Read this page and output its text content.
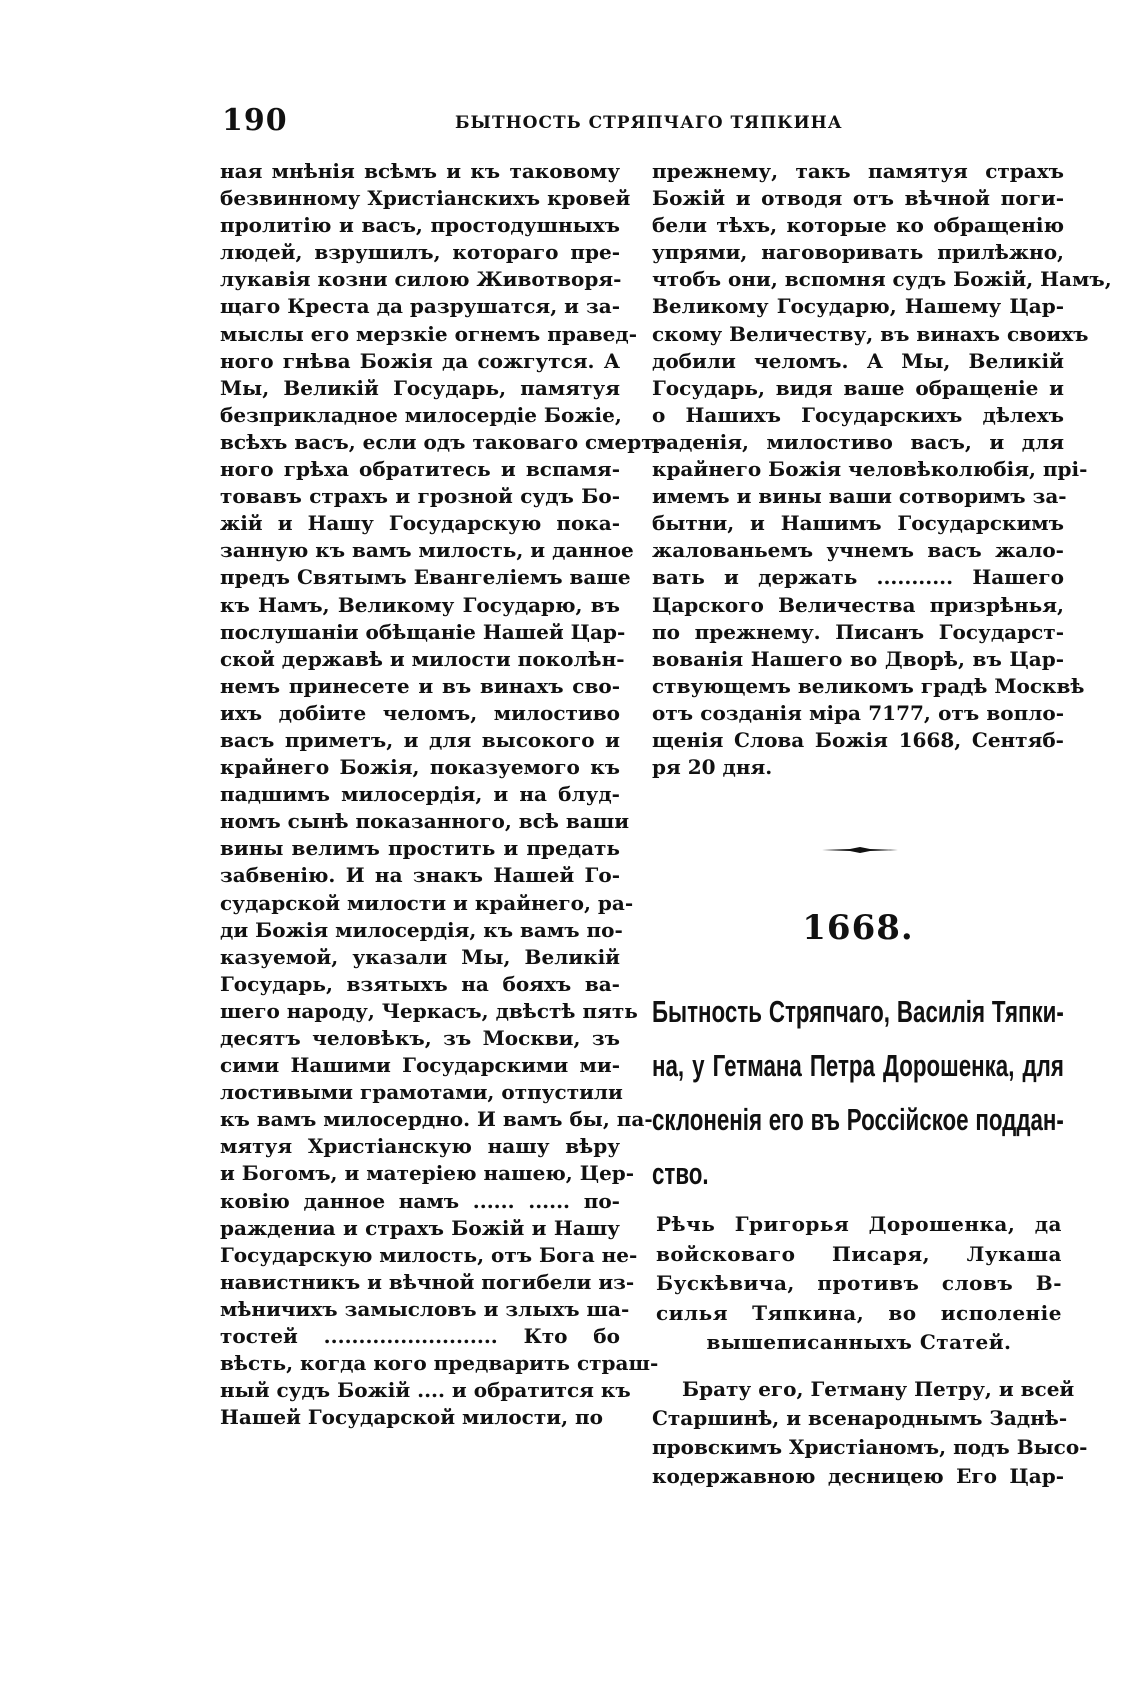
190	БЫТНОСТЬ СТРЯПЧАГО ТЯПКИНА
ная мнѣнія всѣмъ и къ таковому
безвинному Христіанскихъ кровей
пролитію и васъ, простодушныхъ
людей, взрушилъ, котораго пре-
лукавія козни силою Животворя-
щаго Креста да разрушатся, и за-
мыслы его мерзкіе огнемъ правед-
ного гнѣва Божія да сожгутся. А
Мы, Великій Государь, памятуя
безприкладное милосердіе Божіе,
всѣхъ васъ, если одъ таковаго смерт-
ного грѣха обратитесь и вспамя-
товавъ страхъ и грозной судъ Бо-
жій и Нашу Государскую пока-
занную къ вамъ милость, и данное
предъ Святымъ Евангеліемъ ваше
къ Намъ, Великому Государю, въ
послушаніи обѣщаніе Нашей Цар-
ской державѣ и милости поколѣн-
немъ принесете и въ винахъ сво-
ихъ добіите челомъ, милостиво
васъ приметъ, и для высокого и
крайнего Божія, показуемого къ
падшимъ милосердія, и на блуд-
номъ сынѣ показанного, всѣ ваши
вины велимъ простить и предать
забвенію. И на знакъ Нашей Го-
сударской милости и крайнего, ра-
ди Божія милосердія, къ вамъ по-
казуемой, указали Мы, Великій
Государь, взятыхъ на бояхъ ва-
шего народу, Черкасъ, двѣстѣ пять
десятъ человѣкъ, зъ Москви, зъ
сими Нашими Государскими ми-
лостивыми грамотами, отпустили
къ вамъ милосердно. И вамъ бы, па-
мятуя Христіанскую нашу вѣру
и Богомъ, и матеріею нашею, Цер-
ковію данное намъ ...... ...... по-
раждениа и страхъ Божій и Нашу
Государскую милость, отъ Бога не-
навистникъ и вѣчной погибели из-
мѣничихъ замысловъ и злыхъ ша-
тостей ......................... Кто бо
вѣсть, когда кого предварить страш-
ный судъ Божій .... и обратится къ
Нашей Государской милости, по
прежнему, такъ памятуя страхъ
Божій и отводя отъ вѣчной поги-
бели тѣхъ, которые ко обращенію
упрями, наговоривать прилѣжно,
чтобъ они, вспомня судъ Божій, Намъ,
Великому Государю, Нашему Цар-
скому Величеству, въ винахъ своихъ
добили челомъ. А Мы, Великій
Государь, видя ваше обращеніе и
о Нашихъ Государскихъ дѣлехъ
раденія, милостиво васъ, и для
крайнего Божія человѣколюбія, прі-
имемъ и вины ваши сотворимъ за-
бытни, и Нашимъ Государскимъ
жалованьемъ учнемъ васъ жало-
вать и держать ........... Нашего
Царского Величества призрѣнья,
по прежнему. Писанъ Государст-
вованія Нашего во Дворѣ, въ Цар-
ствующемъ великомъ градѣ Москвѣ
отъ созданія міра 7177, отъ вопло-
щенія Слова Божія 1668, Сентяб-
ря 20 дня.
1668.
Бытность Стряпчаго, Василія Тяпки-
на, у Гетмана Петра Дорошенка, для
склоненія его въ Россійское поддан-
ство.
Рѣчь Григорья Дорошенка, да
войсковаго Писаря, Лукаша
Бускѣвича, противъ словъ В-
силья Тяпкина, во исполеніе
вышеписанныхъ Статей.
Брату его, Гетману Петру, и всей
Старшинѣ, и всенароднымъ Заднѣ-
провскимъ Христіаномъ, подъ Высо-
кодержавною десницею Его Цар-
